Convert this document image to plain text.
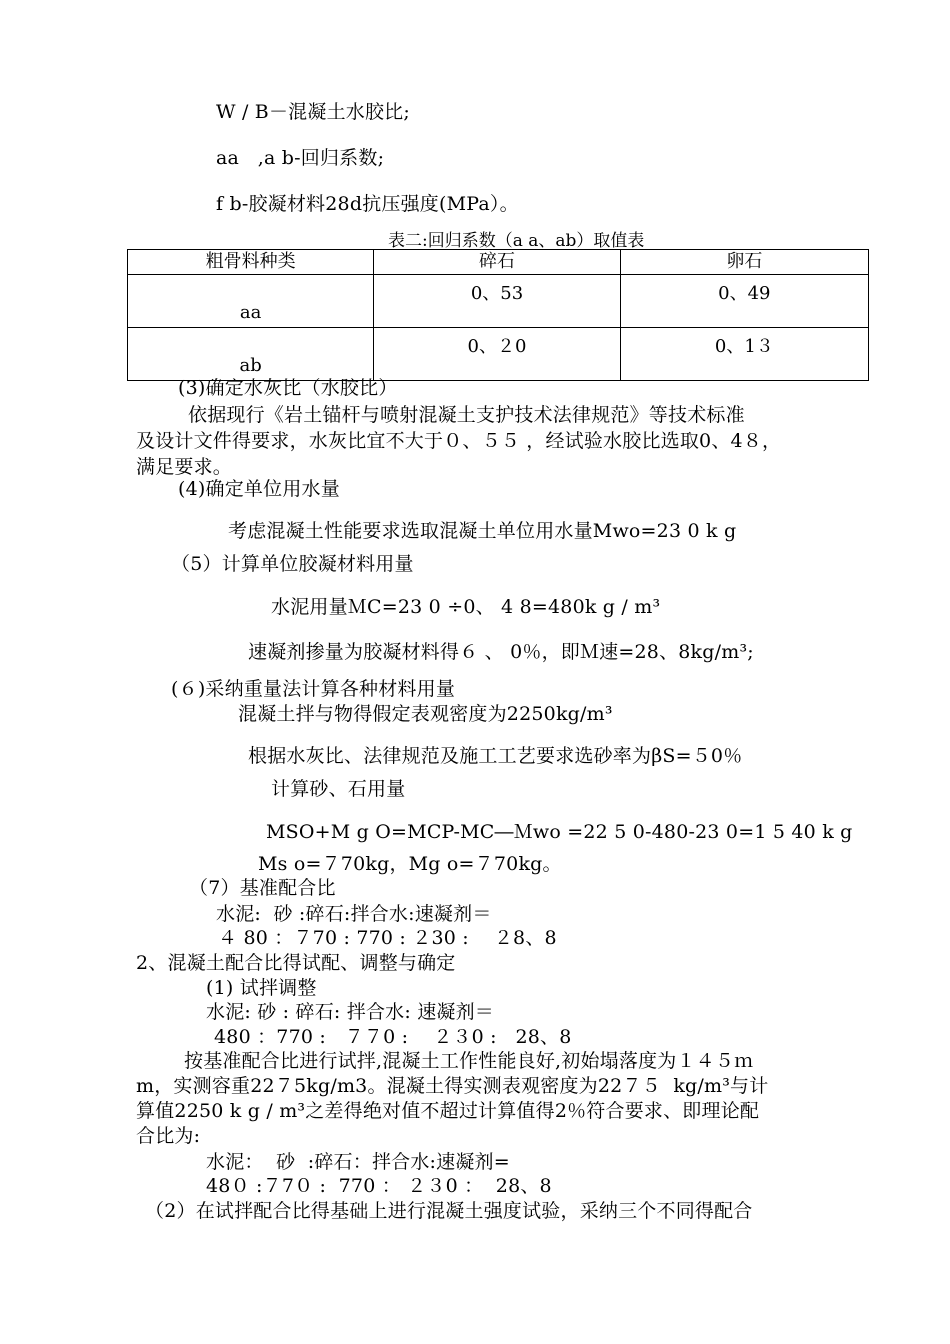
W / B－混凝土水胶比;
aa   ,a b-回归系数;
f b-胶凝材料28d抗压强度(MPa）。
表二:回归系数（a a、ab）取值表
粗骨料种类	碎石	卵石
aa	0、53	0、49
ab	0、２0	0、1３
(3)确定水灰比（水胶比）
依据现行《岩土锚杆与喷射混凝土支护技术法律规范》等技术标准
及设计文件得要求，水灰比宜不大于０、５５ ，经试验水胶比选取0、4８，
满足要求。
(4)确定单位用水量
考虑混凝土性能要求选取混凝土单位用水量Mwo=23 0 k g
（5）计算单位胶凝材料用量
水泥用量ＭC=23 0 ÷0、 4 8=480k g / m³
速凝剂掺量为胶凝材料得６ 、 0％，即Ｍ速=28、8kg/m³;
(６)采纳重量法计算各种材料用量
混凝土拌与物得假定表观密度为2250kg/m³
根据水灰比、法律规范及施工工艺要求选砂率为βS=５0％
计算砂、石用量
MSO+M g O=MCP-MC―Ｍwo =22 5 0-480-23 0=1 5 40 k g
Ms o=７70kg，Mg o=７70kg。
（7）基准配合比
水泥:  砂 :碎石:拌合水:速凝剂＝
４ 80 ：７70 : 770 : ２30 :    ２8、8
2、混凝土配合比得试配、调整与确定
(1) 试拌调整
水泥: 砂 : 碎石: 拌合水: 速凝剂＝
480 ：770 :   ７７0 :    ２３0 :   28、8
按基准配合比进行试拌,混凝土工作性能良好,初始塌落度为１４５ｍ
m，实测容重22７5kg/m3。混凝土得实测表观密度为22７５  kg/m³与计
算值2250 k g / m³之差得绝对值不超过计算值得2％符合要求、即理论配
合比为:
水泥：  砂  :碎石：拌合水:速凝剂=
48０ :７7０ :  770 ： ２３0 ：  28、8
（2）在试拌配合比得基础上进行混凝土强度试验，采纳三个不同得配合
